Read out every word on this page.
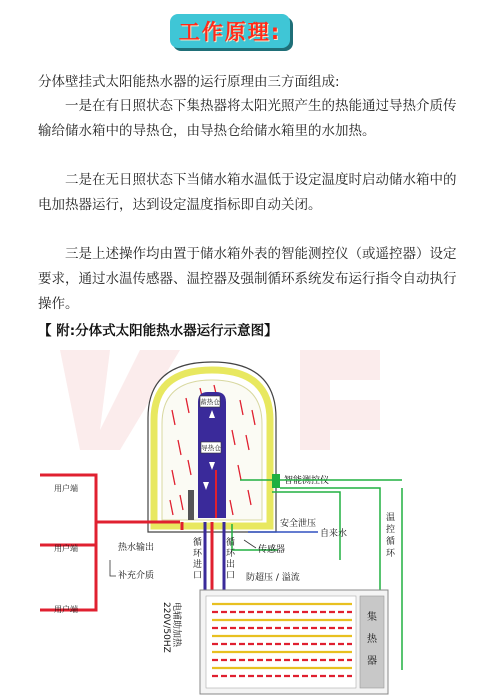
工作原理:
分体壁挂式太阳能热水器的运行原理由三方面组成:
一是在有日照状态下集热器将太阳光照产生的热能通过导热介质传输给储水箱中的导热仓，由导热仓给储水箱里的水加热。
二是在无日照状态下当储水箱水温低于设定温度时启动储水箱中的电加热器运行，达到设定温度指标即自动关闭。
三是上述操作均由置于储水箱外表的智能测控仪（或遥控器）设定要求，通过水温传感器、温控器及强制循环系统发布运行指令自动执行操作。
【 附:分体式太阳能热水器运行示意图】
蓄热仓
导热仓
智能测控仪
温
控
循
环
安全泄压
自来水
传感器
防超压 / 溢流
用户端
用户端
用户端
热水输出
补充介质
循
环
进
口
循
环
出
口
电辅助加热
220V/50HZ	集
热
器
